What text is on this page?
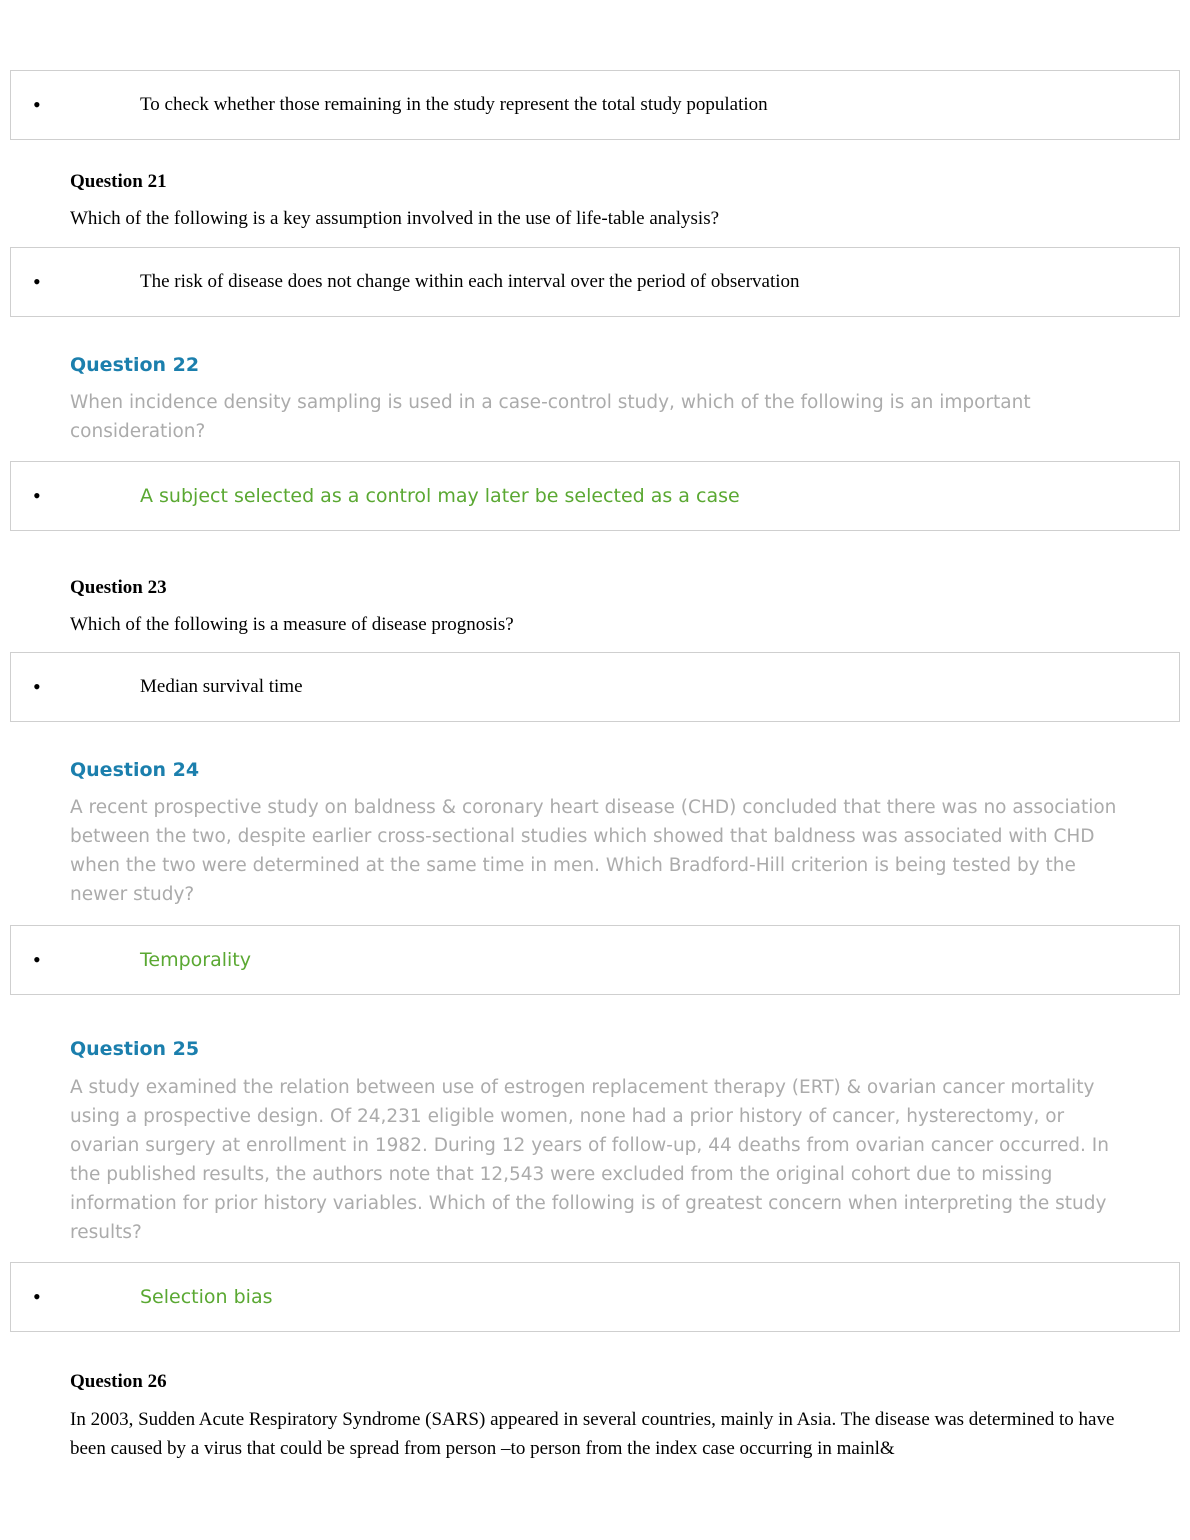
•	To check whether those remaining in the study represent the total study population
Question 21

Which of the following is a key assumption involved in the use of life-table analysis?

•	The risk of disease does not change within each interval over the period of observation
Question 22

When incidence density sampling is used in a case-control study, which of the following is an important consideration?

•	A subject selected as a control may later be selected as a case
Question 23

Which of the following is a measure of disease prognosis?

•	Median survival time
Question 24

A recent prospective study on baldness & coronary heart disease (CHD) concluded that there was no association between the two, despite earlier cross-sectional studies which showed that baldness was associated with CHD when the two were determined at the same time in men. Which Bradford-Hill criterion is being tested by the newer study?

•	Temporality
Question 25

A study examined the relation between use of estrogen replacement therapy (ERT) & ovarian cancer mortality using a prospective design. Of 24,231 eligible women, none had a prior history of cancer, hysterectomy, or ovarian surgery at enrollment in 1982. During 12 years of follow-up, 44 deaths from ovarian cancer occurred. In the published results, the authors note that 12,543 were excluded from the original cohort due to missing information for prior history variables. Which of the following is of greatest concern when interpreting the study results?

•	Selection bias
Question 26

In 2003, Sudden Acute Respiratory Syndrome (SARS) appeared in several countries, mainly in Asia. The disease was determined to have been caused by a virus that could be spread from person –to person from the index case occurring in mainl&
